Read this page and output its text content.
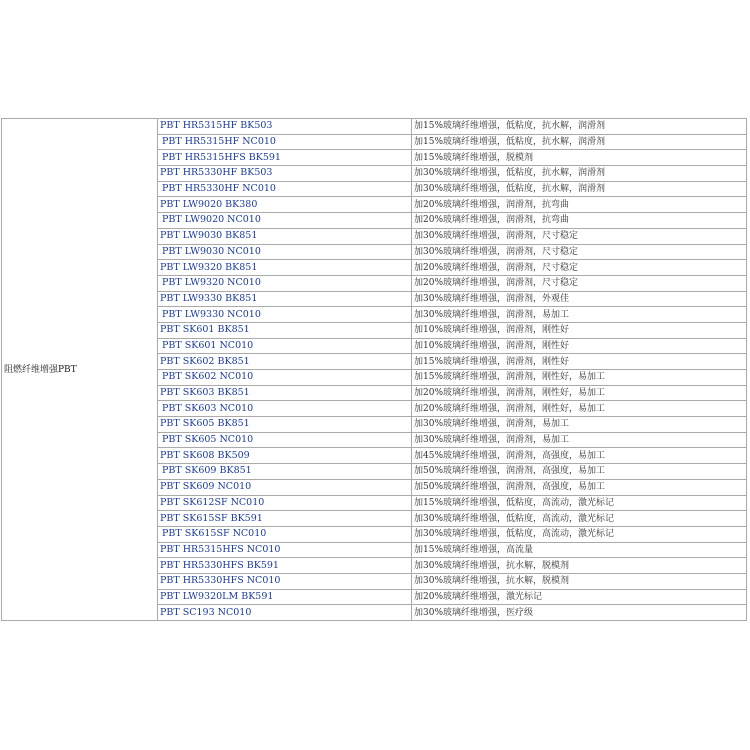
阻燃纤维增强PBT	PBT HR5315HF BK503	加15%玻璃纤维增强，低粘度，抗水解，润滑剂
	PBT HR5315HF NC010	加15%玻璃纤维增强，低粘度，抗水解，润滑剂
	PBT HR5315HFS BK591	加15%玻璃纤维增强，脱模剂
	PBT HR5330HF BK503	加30%玻璃纤维增强，低粘度，抗水解，润滑剂
	PBT HR5330HF NC010	加30%玻璃纤维增强，低粘度，抗水解，润滑剂
	PBT LW9020 BK380	加20%玻璃纤维增强，润滑剂，抗弯曲
	PBT LW9020 NC010	加20%玻璃纤维增强，润滑剂，抗弯曲
	PBT LW9030 BK851	加30%玻璃纤维增强，润滑剂，尺寸稳定
	PBT LW9030 NC010	加30%玻璃纤维增强，润滑剂，尺寸稳定
	PBT LW9320 BK851	加20%玻璃纤维增强，润滑剂，尺寸稳定
	PBT LW9320 NC010	加20%玻璃纤维增强，润滑剂，尺寸稳定
	PBT LW9330 BK851	加30%玻璃纤维增强，润滑剂，外观佳
	PBT LW9330 NC010	加30%玻璃纤维增强，润滑剂，易加工
	PBT SK601 BK851	加10%玻璃纤维增强，润滑剂，刚性好
	PBT SK601 NC010	加10%玻璃纤维增强，润滑剂，刚性好
	PBT SK602 BK851	加15%玻璃纤维增强，润滑剂，刚性好
	PBT SK602 NC010	加15%玻璃纤维增强，润滑剂，刚性好，易加工
	PBT SK603 BK851	加20%玻璃纤维增强，润滑剂，刚性好，易加工
	PBT SK603 NC010	加20%玻璃纤维增强，润滑剂，刚性好，易加工
	PBT SK605 BK851	加30%玻璃纤维增强，润滑剂，易加工
	PBT SK605 NC010	加30%玻璃纤维增强，润滑剂，易加工
	PBT SK608 BK509	加45%玻璃纤维增强，润滑剂，高强度，易加工
	PBT SK609 BK851	加50%玻璃纤维增强，润滑剂，高强度，易加工
	PBT SK609 NC010	加50%玻璃纤维增强，润滑剂，高强度，易加工
	PBT SK612SF NC010	加15%玻璃纤维增强，低粘度，高流动，激光标记
	PBT SK615SF BK591	加30%玻璃纤维增强，低粘度，高流动，激光标记
	PBT SK615SF NC010	加30%玻璃纤维增强，低粘度，高流动，激光标记
	PBT HR5315HFS NC010	加15%玻璃纤维增强，高流量
	PBT HR5330HFS BK591	加30%玻璃纤维增强，抗水解，脱模剂
	PBT HR5330HFS NC010	加30%玻璃纤维增强，抗水解，脱模剂
	PBT LW9320LM BK591	加20%玻璃纤维增强，激光标记
	PBT SC193 NC010	加30%玻璃纤维增强，医疗级
